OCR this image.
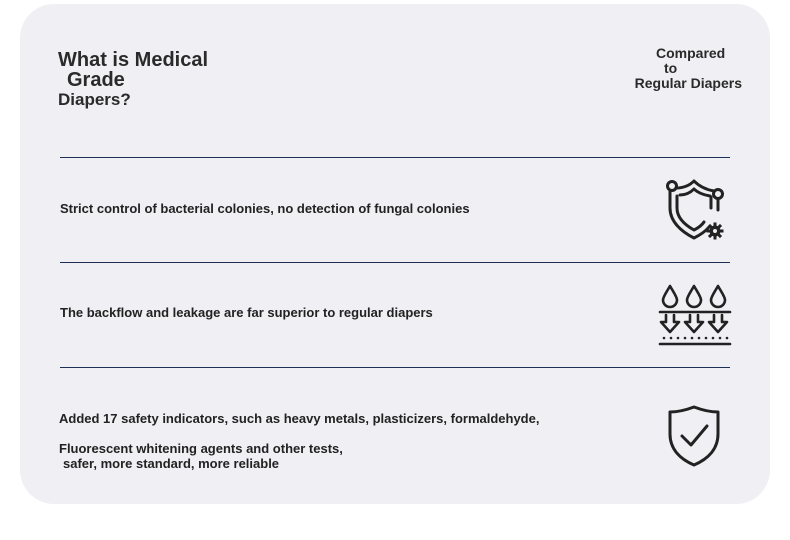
What is Medical
Grade
Diapers?
Compared
to
Regular Diapers
Strict control of bacterial colonies, no detection of fungal colonies
The backflow and leakage are far superior to regular diapers
Added 17 safety indicators, such as heavy metals, plasticizers, formaldehyde,
Fluorescent whitening agents and other tests,
safer, more standard, more reliable
